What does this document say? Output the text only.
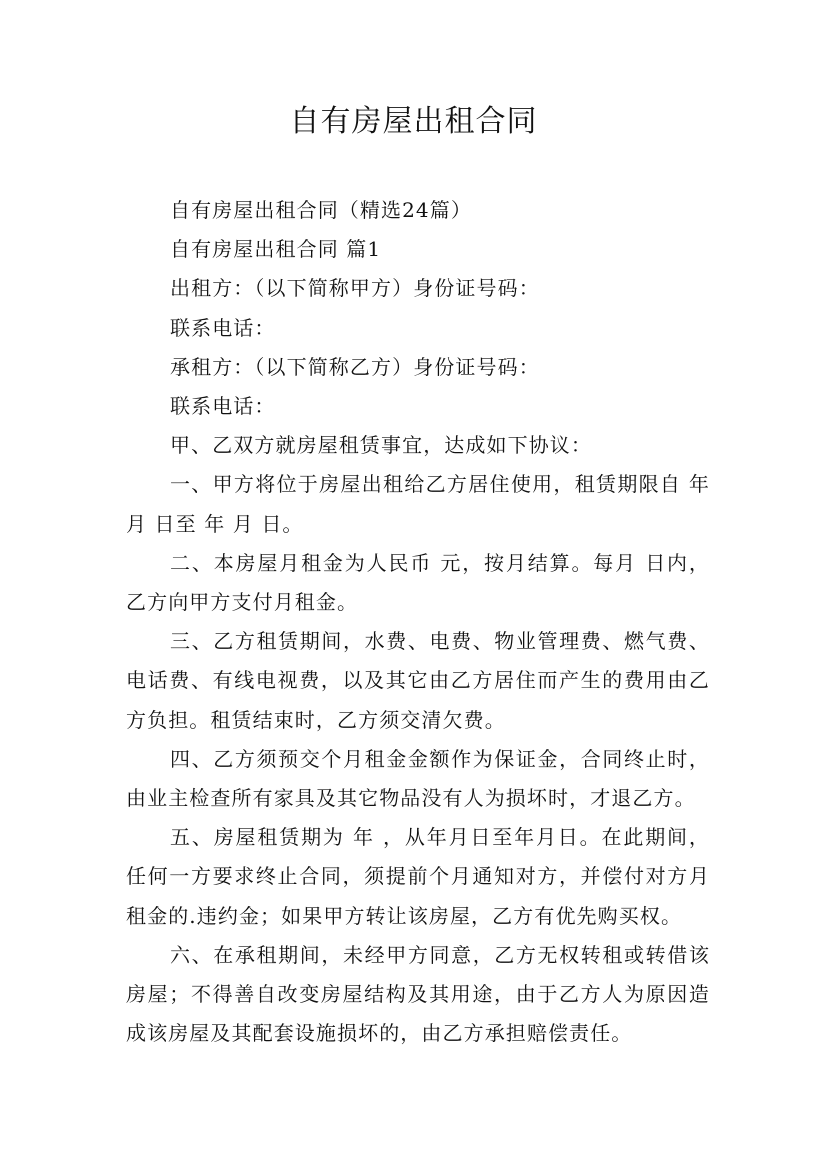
自有房屋出租合同

自有房屋出租合同（精选24篇）

自有房屋出租合同 篇1

出租方：（以下简称甲方）身份证号码：

联系电话：

承租方：（以下简称乙方）身份证号码：

联系电话：

甲、乙双方就房屋租赁事宜，达成如下协议：

一、甲方将位于房屋出租给乙方居住使用，租赁期限自 年 月 日至 年 月 日。

二、本房屋月租金为人民币 元，按月结算。每月 日内，乙方向甲方支付月租金。

三、乙方租赁期间，水费、电费、物业管理费、燃气费、电话费、有线电视费，以及其它由乙方居住而产生的费用由乙方负担。租赁结束时，乙方须交清欠费。

四、乙方须预交个月租金金额作为保证金，合同终止时，由业主检查所有家具及其它物品没有人为损坏时，才退乙方。

五、房屋租赁期为 年 ，从年月日至年月日。在此期间，任何一方要求终止合同，须提前个月通知对方，并偿付对方月租金的.违约金；如果甲方转让该房屋，乙方有优先购买权。

六、在承租期间，未经甲方同意，乙方无权转租或转借该房屋；不得善自改变房屋结构及其用途，由于乙方人为原因造成该房屋及其配套设施损坏的，由乙方承担赔偿责任。
